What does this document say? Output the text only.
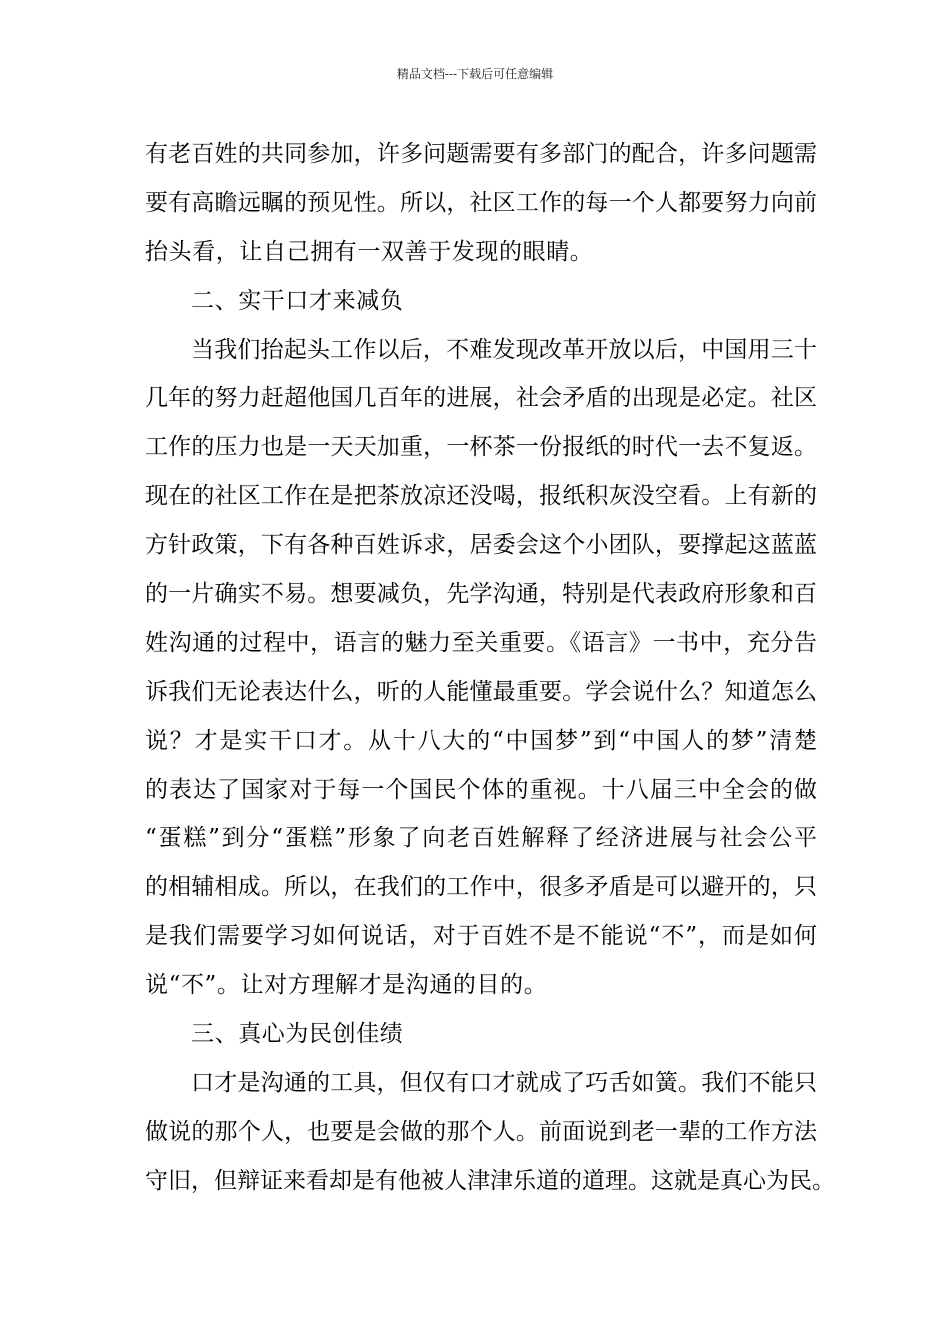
精品文档---下载后可任意编辑
有老百姓的共同参加，许多问题需要有多部门的配合，许多问题需
要有高瞻远瞩的预见性。所以，社区工作的每一个人都要努力向前
抬头看，让自己拥有一双善于发现的眼睛。
二、实干口才来减负
当我们抬起头工作以后，不难发现改革开放以后，中国用三十
几年的努力赶超他国几百年的进展，社会矛盾的出现是必定。社区
工作的压力也是一天天加重，一杯茶一份报纸的时代一去不复返。
现在的社区工作在是把茶放凉还没喝，报纸积灰没空看。上有新的
方针政策，下有各种百姓诉求，居委会这个小团队，要撑起这蓝蓝
的一片确实不易。想要减负，先学沟通，特别是代表政府形象和百
姓沟通的过程中，语言的魅力至关重要。《语言》一书中，充分告
诉我们无论表达什么，听的人能懂最重要。学会说什么？知道怎么
说？才是实干口才。从十八大的“中国梦”到“中国人的梦”清楚
的表达了国家对于每一个国民个体的重视。十八届三中全会的做
“蛋糕”到分“蛋糕”形象了向老百姓解释了经济进展与社会公平
的相辅相成。所以，在我们的工作中，很多矛盾是可以避开的，只
是我们需要学习如何说话，对于百姓不是不能说“不”，而是如何
说“不”。让对方理解才是沟通的目的。
三、真心为民创佳绩
口才是沟通的工具，但仅有口才就成了巧舌如簧。我们不能只
做说的那个人，也要是会做的那个人。前面说到老一辈的工作方法
守旧，但辩证来看却是有他被人津津乐道的道理。这就是真心为民。
